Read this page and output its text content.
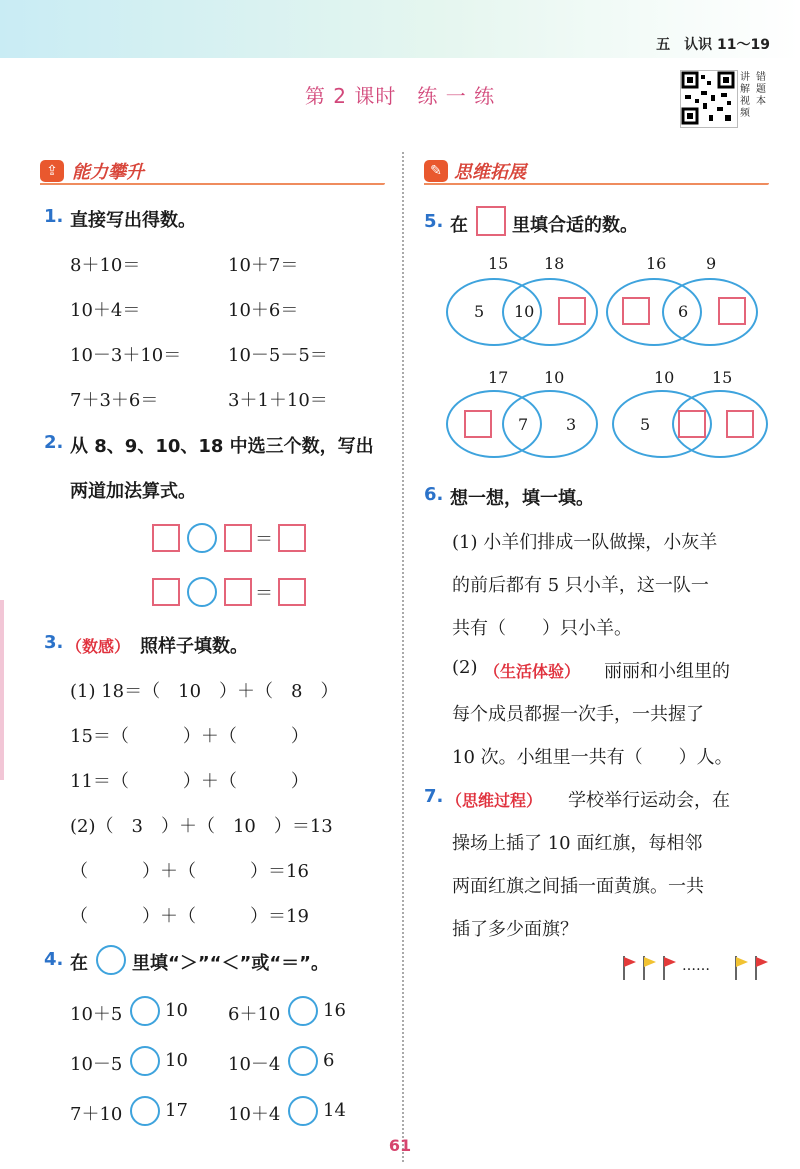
五　认识 11～19
第 2 课时　练 一 练
讲解视频
错题本
⇪ 能力攀升
1. 直接写出得数。
8＋10＝	10＋7＝
10＋4＝	10＋6＝
10－3＋10＝	10－5－5＝
7＋3＋6＝	3＋1＋10＝
2. 从 8、9、10、18 中选三个数，写出
两道加法算式。
＝
＝
3. （数感） 照样子填数。
(1) 18＝（　10　）＋（　8　）
15＝（　　　）＋（　　　）
11＝（　　　）＋（　　　）
(2)（　3　）＋（　10　）＝13
（　　　）＋（　　　）＝16
（　　　）＋（　　　）＝19
4. 在 里填“＞”“＜”或“＝”。
10＋5 10 6＋10 16
10－5 10 10－4 6
7＋10 17 10＋4 14
✎ 思维拓展
5. 在 里填合适的数。
15 18
5 10
16 9
6
17 10
7 3
10 15
5
6. 想一想，填一填。
(1) 小羊们排成一队做操，小灰羊
的前后都有 5 只小羊，这一队一
共有（　　）只小羊。
(2) （生活体验） 丽丽和小组里的
每个成员都握一次手，一共握了
10 次。小组里一共有（　　）人。
7. （思维过程） 学校举行运动会，在
操场上插了 10 面红旗，每相邻
两面红旗之间插一面黄旗。一共
插了多少面旗？
……
61
